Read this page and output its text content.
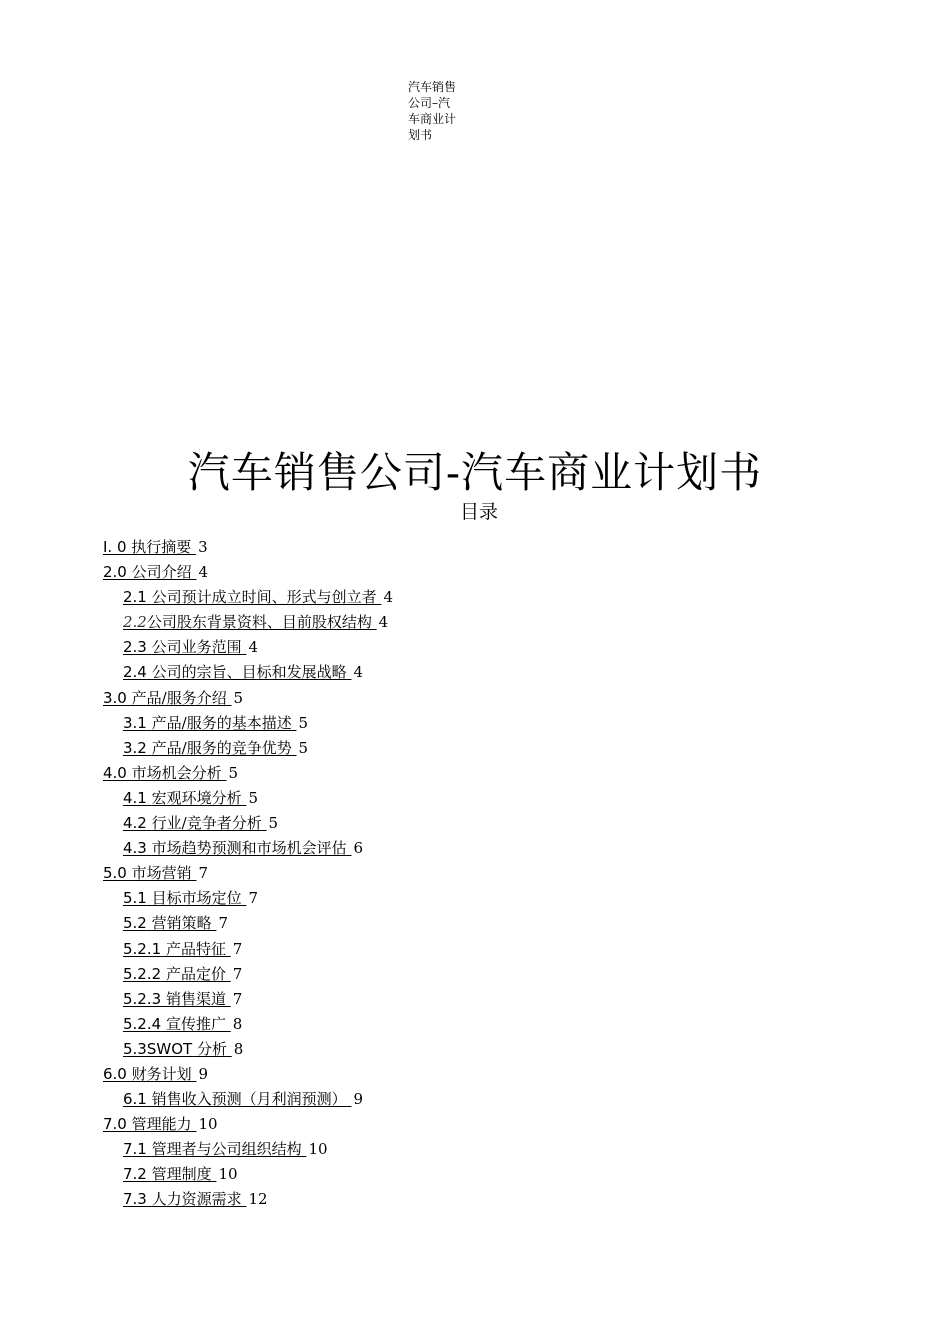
汽车销售公司–汽车商业计划书
汽车销售公司-汽车商业计划书
目录
I. 0 执行摘要 3
2.0 公司介绍 4
2.1 公司预计成立时间、形式与创立者 4
2.2公司股东背景资料、目前股权结构 4
2.3 公司业务范围 4
2.4 公司的宗旨、目标和发展战略 4
3.0 产品/服务介绍 5
3.1 产品/服务的基本描述 5
3.2 产品/服务的竞争优势 5
4.0 市场机会分析 5
4.1 宏观环境分析 5
4.2 行业/竞争者分析 5
4.3 市场趋势预测和市场机会评估 6
5.0 市场营销 7
5.1 目标市场定位 7
5.2 营销策略 7
5.2.1 产品特征 7
5.2.2 产品定价 7
5.2.3 销售渠道 7
5.2.4 宣传推广 8
5.3SWOT 分析 8
6.0 财务计划 9
6.1 销售收入预测（月利润预测） 9
7.0 管理能力 10
7.1 管理者与公司组织结构 10
7.2 管理制度 10
7.3 人力资源需求 12
